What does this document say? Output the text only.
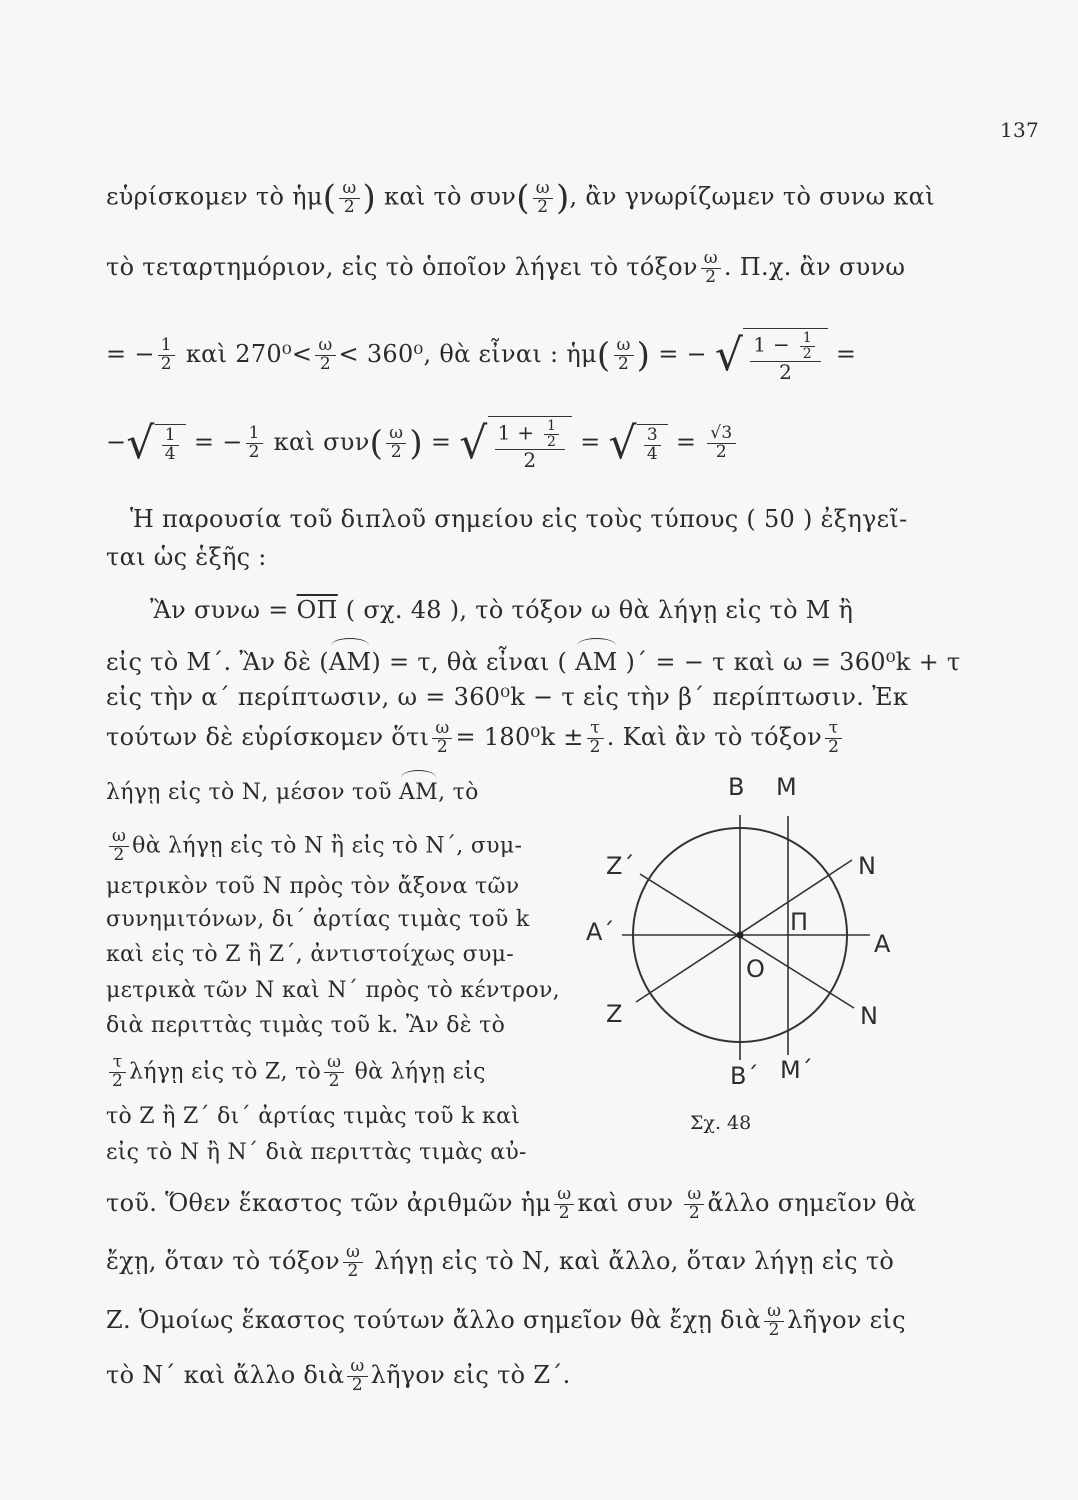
137
εὑρίσκομεν τὸ ἡμ( $\frac{\omega}{2}$ ) καὶ τὸ $\sigma\upsilon\nu( \frac{\omega}{2}$ ), ἂν γνωρίζωμεν τὸ συνω καὶ
τὸ τεταρτημόριον, εἰς τὸ ὁποῖον λήγει τὸ τόξον $\frac{\omega}{2}$ . Π.χ. ἂν συνω
= − $\frac{1}{2}$ καὶ $270^0< \frac{\omega}{2} < 360^0$, θὰ εἶναι : ἡμ( $\frac{\omega}{2}$ ) = − √ $\frac{1 - \frac{1}{2}}{2}$ =
−√ $\frac{1}{4}$ = − $\frac{1}{2}$ καὶ $\sigma\upsilon\nu( \frac{\omega}{2}$ ) = √ $\frac{1 + \frac{1}{2}}{2}$ = √ $\frac{3}{4} = \frac{√3}{2}$
Ἡ παρουσία τοῦ διπλοῦ σημείου εἰς τοὺς τύπους ( 50 ) ἐξηγεῖ-
ται ὡς ἑξῆς :
Ἂν $\sigma\upsilon\nu\omega = \overline{O\Pi}$ ( σχ. 48 ), τὸ τόξον ω θὰ λήγῃ εἰς τὸ Μ ἢ
εἰς τὸ Μ΄. Ἂν δὲ (ΑΜ) = τ, θὰ εἶναι ( ΑΜ )΄ = − τ καὶ ω = 360⁰k + τ
εἰς τὴν α΄ περίπτωσιν, ω = 360⁰k − τ εἰς τὴν β΄ περίπτωσιν. Ἐκ
τούτων δὲ εὑρίσκομεν ὅτι $\frac{\omega}{2} = 180^0k \pm \frac{\tau}{2}$ . Καὶ ἂν τὸ τόξον $\frac{\tau}{2}$
λήγῃ εἰς τὸ Ν, μέσον τοῦ ΑΜ, τὸ
$\frac{\omega}{2}$ θὰ λήγῃ εἰς τὸ Ν ἢ εἰς τὸ Ν΄, συμ-
μετρικὸν τοῦ Ν πρὸς τὸν ἄξονα τῶν
συνημιτόνων, δι΄ ἀρτίας τιμὰς τοῦ k
καὶ εἰς τὸ Ζ ἢ Ζ΄, ἀντιστοίχως συμ-
μετρικὰ τῶν Ν καὶ Ν΄ πρὸς τὸ κέντρον,
διὰ περιττὰς τιμὰς τοῦ k. Ἂν δὲ τὸ
$\frac{\tau}{2}$ λήγῃ εἰς τὸ Ζ, τὸ $\frac{\omega}{2}$ θὰ λήγῃ εἰς
τὸ Ζ ἢ Ζ΄ δι΄ ἀρτίας τιμὰς τοῦ k καὶ
εἰς τὸ Ν ἢ Ν΄ διὰ περιττὰς τιμὰς αὐ-
τοῦ. Ὅθεν ἕκαστος τῶν ἀριθμῶν ἡμ $\frac{\omega}{2}$ καὶ συν $\frac{\omega}{2}$ ἄλλο σημεῖον θὰ
ἔχῃ, ὅταν τὸ τόξον $\frac{\omega}{2}$ λήγῃ εἰς τὸ Ν, καὶ ἄλλο, ὅταν λήγῃ εἰς τὸ
Ζ. Ὁμοίως ἕκαστος τούτων ἄλλο σημεῖον θὰ ἔχῃ διὰ $\frac{\omega}{2}$ λῆγον εἰς
τὸ Ν΄ καὶ ἄλλο διὰ $\frac{\omega}{2}$ λῆγον εἰς τὸ Ζ΄.
B M
Z΄	N
A΄	Π
A
O
Z	N
B΄ M΄
Σχ. 48
